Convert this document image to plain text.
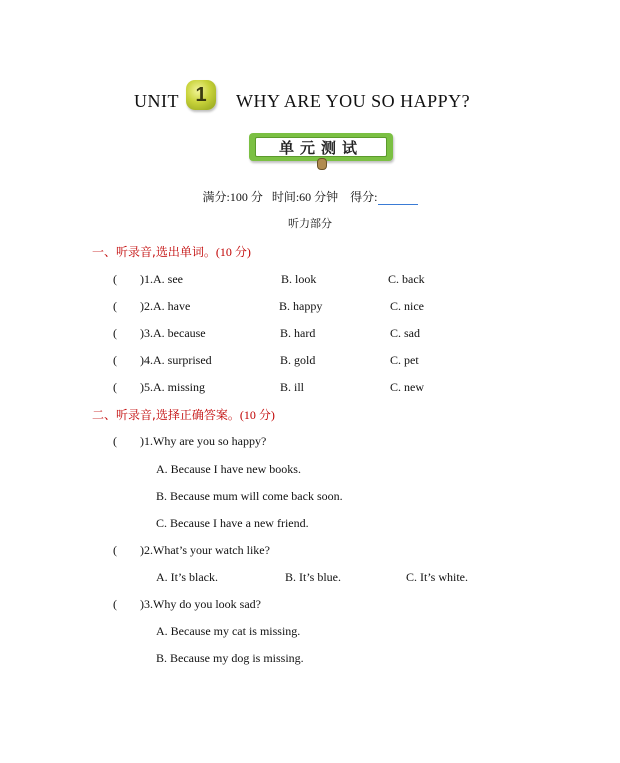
UNIT 1 WHY ARE YOU SO HAPPY?
单元测试
满分:100 分 时间:60 分钟 得分:
听力部分
一、听录音,选出单词。(10 分)
( )1.A. see	B. look	C. back
( )2.A. have	B. happy	C. nice
( )3.A. because	B. hard	C. sad
( )4.A. surprised	B. gold	C. pet
( )5.A. missing	B. ill	C. new
二、听录音,选择正确答案。(10 分)
( )1.Why are you so happy?
A. Because I have new books.
B. Because mum will come back soon.
C. Because I have a new friend.
( )2.What’s your watch like?
A. It’s black.	B. It’s blue.	C. It’s white.
( )3.Why do you look sad?
A. Because my cat is missing.
B. Because my dog is missing.
